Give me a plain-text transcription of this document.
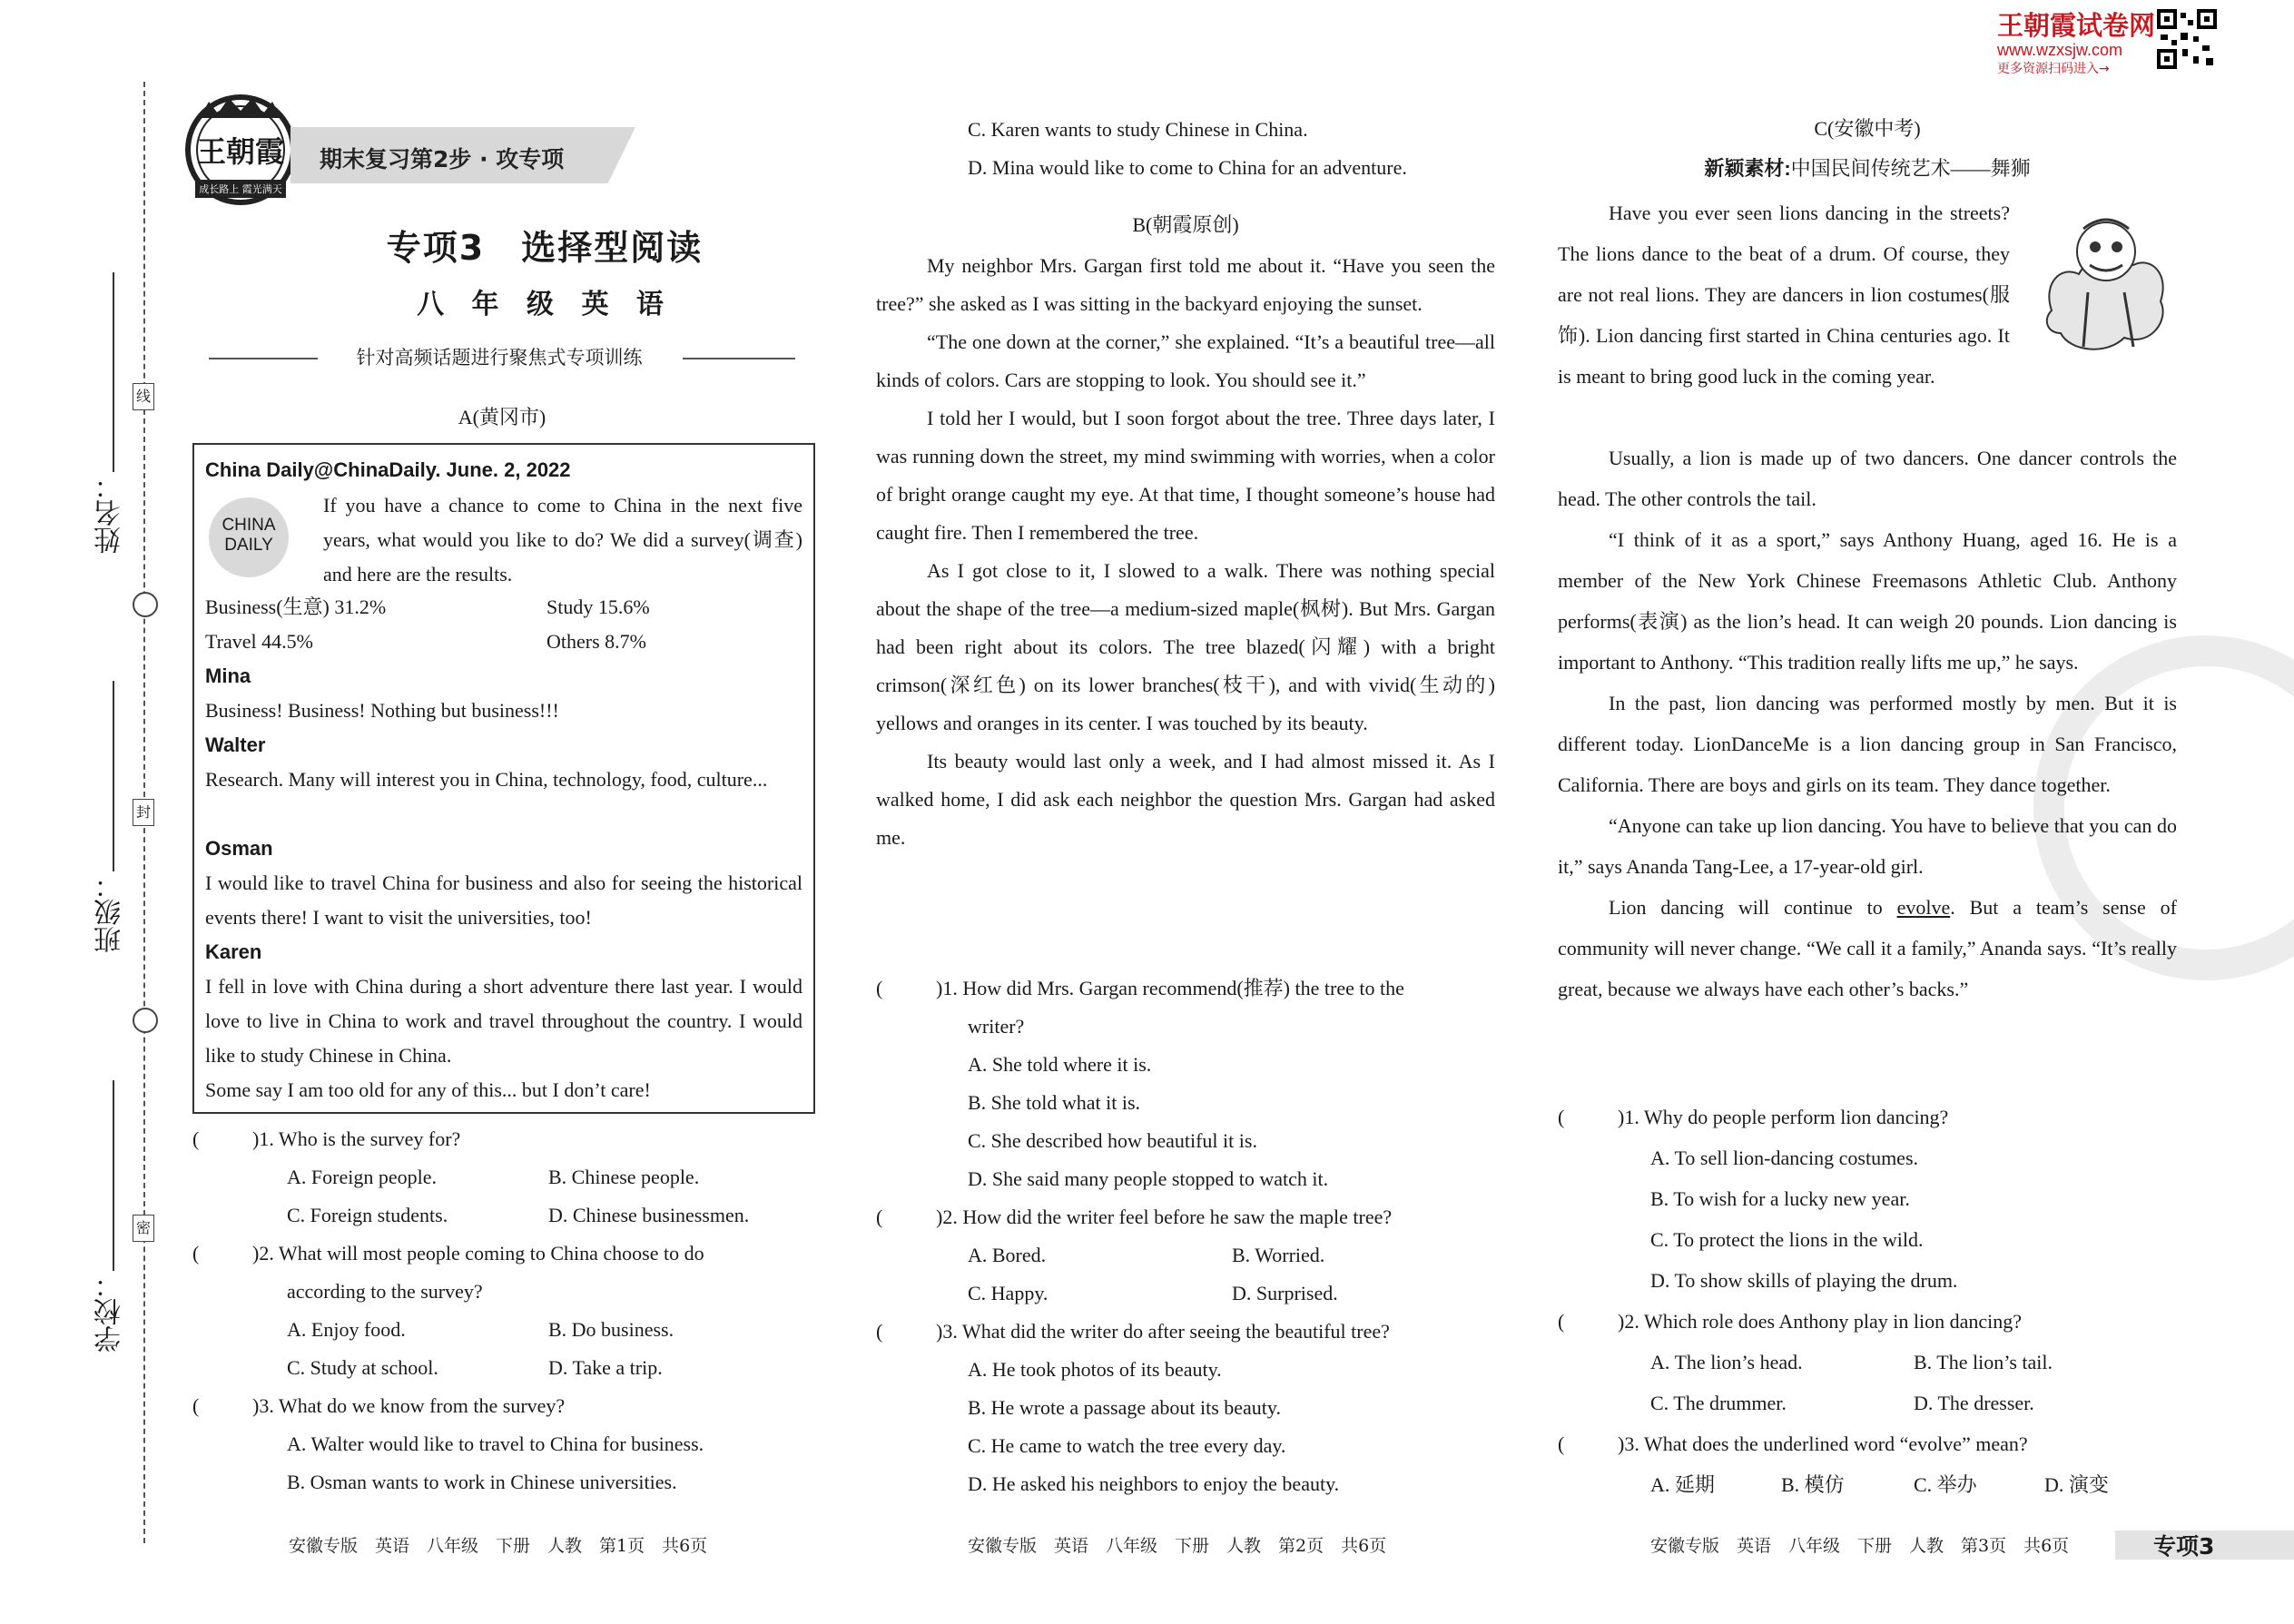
姓名：
班级：
学校：
线
封
密
王朝霞
成长路上 霞光满天
期末复习第2步 · 攻专项
专项3　选择型阅读
八 年 级 英 语
针对高频话题进行聚焦式专项训练
A(黄冈市)
China Daily@ChinaDaily. June. 2, 2022
CHINA
DAILY

If you have a chance to come to China in the next five years, what would you like to do? We did a survey(调查) and here are the results.

Business(生意) 31.2%	Study 15.6%
Travel 44.5%	Others 8.7%
Mina

Business! Business! Nothing but business!!!

Walter

Research. Many will interest you in China, technology, food, culture...

Osman

I would like to travel China for business and also for seeing the historical events there! I want to visit the universities, too!

Karen

I fell in love with China during a short adventure there last year. I would love to live in China to work and travel throughout the country. I would like to study Chinese in China.

Some say I am too old for any of this... but I don’t care!

(	)1. Who is the survey for?
A. Foreign people.	B. Chinese people.
C. Foreign students.	D. Chinese businessmen.
(	)2. What will most people coming to China choose to do
according to the survey?
A. Enjoy food.	B. Do business.
C. Study at school.	D. Take a trip.
(	)3. What do we know from the survey?
A. Walter would like to travel to China for business.
B. Osman wants to work in Chinese universities.
C. Karen wants to study Chinese in China.
D. Mina would like to come to China for an adventure.
B(朝霞原创)

My neighbor Mrs. Gargan first told me about it. “Have you seen the tree?” she asked as I was sitting in the backyard enjoying the sunset.

“The one down at the corner,” she explained. “It’s a beautiful tree—all kinds of colors. Cars are stopping to look. You should see it.”

I told her I would, but I soon forgot about the tree. Three days later, I was running down the street, my mind swimming with worries, when a color of bright orange caught my eye. At that time, I thought someone’s house had caught fire. Then I remembered the tree.

As I got close to it, I slowed to a walk. There was nothing special about the shape of the tree—a medium-sized maple(枫树). But Mrs. Gargan had been right about its colors. The tree blazed(闪耀) with a bright crimson(深红色) on its lower branches(枝干), and with vivid(生动的) yellows and oranges in its center. I was touched by its beauty.

Its beauty would last only a week, and I had almost missed it. As I walked home, I did ask each neighbor the question Mrs. Gargan had asked me.

(	)1. How did Mrs. Gargan recommend(推荐) the tree to the
writer?
A. She told where it is.
B. She told what it is.
C. She described how beautiful it is.
D. She said many people stopped to watch it.
(	)2. How did the writer feel before he saw the maple tree?
A. Bored.	B. Worried.
C. Happy.	D. Surprised.
(	)3. What did the writer do after seeing the beautiful tree?
A. He took photos of its beauty.
B. He wrote a passage about its beauty.
C. He came to watch the tree every day.
D. He asked his neighbors to enjoy the beauty.
王朝霞试卷网
www.wzxsjw.com
更多资源扫码进入→
C(安徽中考)
新颖素材:中国民间传统艺术——舞狮

Have you ever seen lions dancing in the streets? The lions dance to the beat of a drum. Of course, they are not real lions. They are dancers in lion costumes(服饰). Lion dancing first started in China centuries ago. It is meant to bring good luck in the coming year.

Usually, a lion is made up of two dancers. One dancer controls the head. The other controls the tail.

“I think of it as a sport,” says Anthony Huang, aged 16. He is a member of the New York Chinese Freemasons Athletic Club. Anthony performs(表演) as the lion’s head. It can weigh 20 pounds. Lion dancing is important to Anthony. “This tradition really lifts me up,” he says.

In the past, lion dancing was performed mostly by men. But it is different today. LionDanceMe is a lion dancing group in San Francisco, California. There are boys and girls on its team. They dance together.

“Anyone can take up lion dancing. You have to believe that you can do it,” says Ananda Tang-Lee, a 17-year-old girl.

Lion dancing will continue to evolve. But a team’s sense of community will never change. “We call it a family,” Ananda says. “It’s really great, because we always have each other’s backs.”

(	)1. Why do people perform lion dancing?
A. To sell lion-dancing costumes.
B. To wish for a lucky new year.
C. To protect the lions in the wild.
D. To show skills of playing the drum.
(	)2. Which role does Anthony play in lion dancing?
A. The lion’s head.	B. The lion’s tail.
C. The drummer.	D. The dresser.
(	)3. What does the underlined word “evolve” mean?
A. 延期	B. 模仿	C. 举办	D. 演变
安徽专版　英语　八年级　下册　人教　第1页　共6页	安徽专版　英语　八年级　下册　人教　第2页　共6页	安徽专版　英语　八年级　下册　人教　第3页　共6页	专项3
